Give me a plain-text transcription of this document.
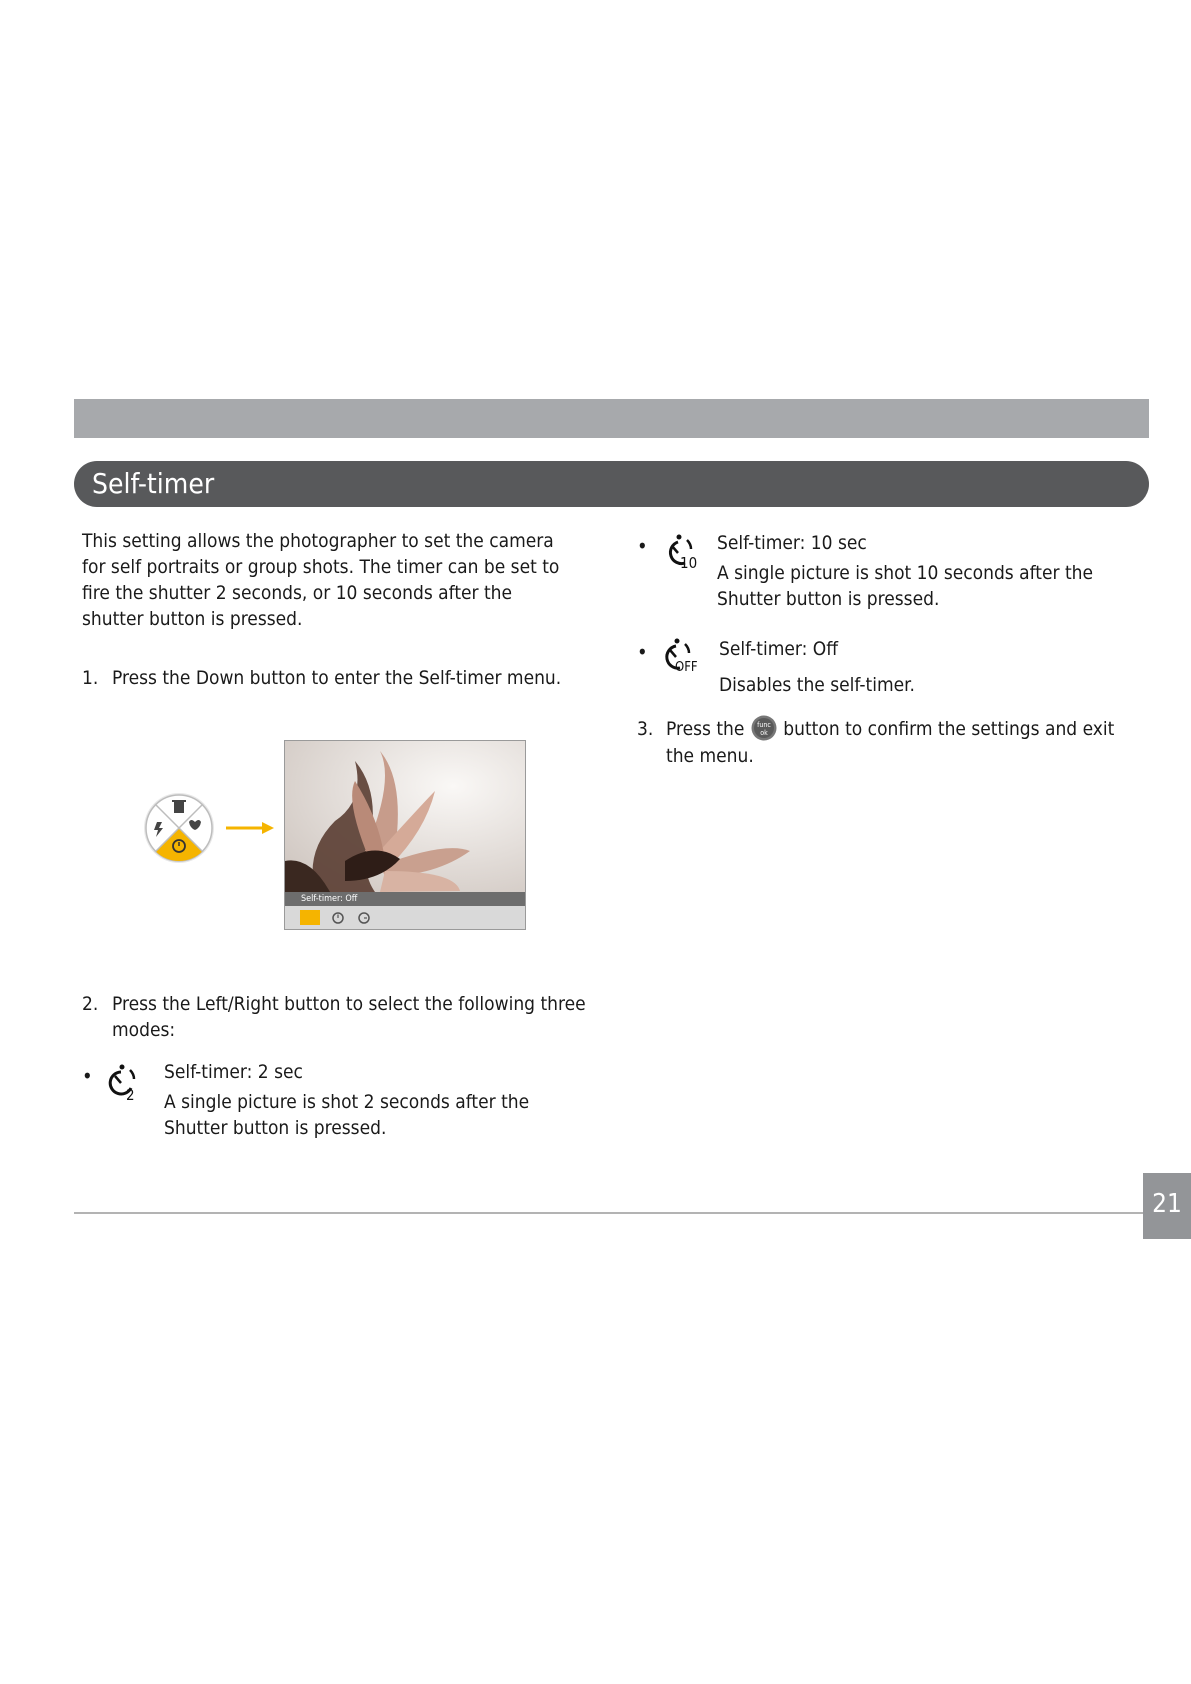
Self-timer
This setting allows the photographer to set the camera for self portraits or group shots. The timer can be set to fire the shutter 2 seconds, or 10 seconds after the shutter button is pressed.
1. Press the Down button to enter the Self-timer menu.
Self-timer: Off
2. Press the Left/Right button to select the following three modes:
•
2
Self-timer: 2 sec
A single picture is shot 2 seconds after the Shutter button is pressed.
•
10
Self-timer: 10 sec
A single picture is shot 10 seconds after the Shutter button is pressed.
•
OFF
Self-timer: Off
Disables the self-timer.
3. Press the func
ok button to confirm the settings and exit the menu.
21
